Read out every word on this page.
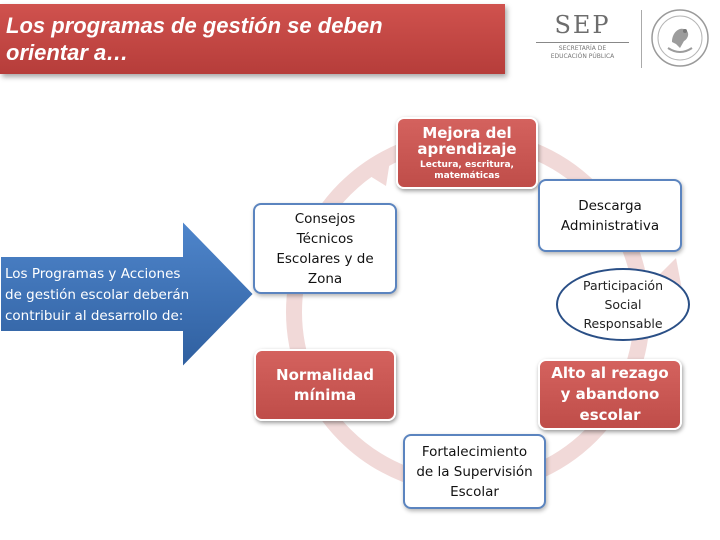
Los programas de gestión se deben
orientar a…
SEP
SECRETARÍA DE
EDUCACIÓN PÚBLICA
Los Programas y Acciones
de gestión escolar deberán
contribuir al desarrollo de:
Mejora del
aprendizaje
Lectura, escritura,
matemáticas
Consejos
Técnicos
Escolares y de
Zona
Descarga
Administrativa
Participación
Social
Responsable
Alto al rezago
y abandono
escolar
Fortalecimiento
de la Supervisión
Escolar
Normalidad
mínima
